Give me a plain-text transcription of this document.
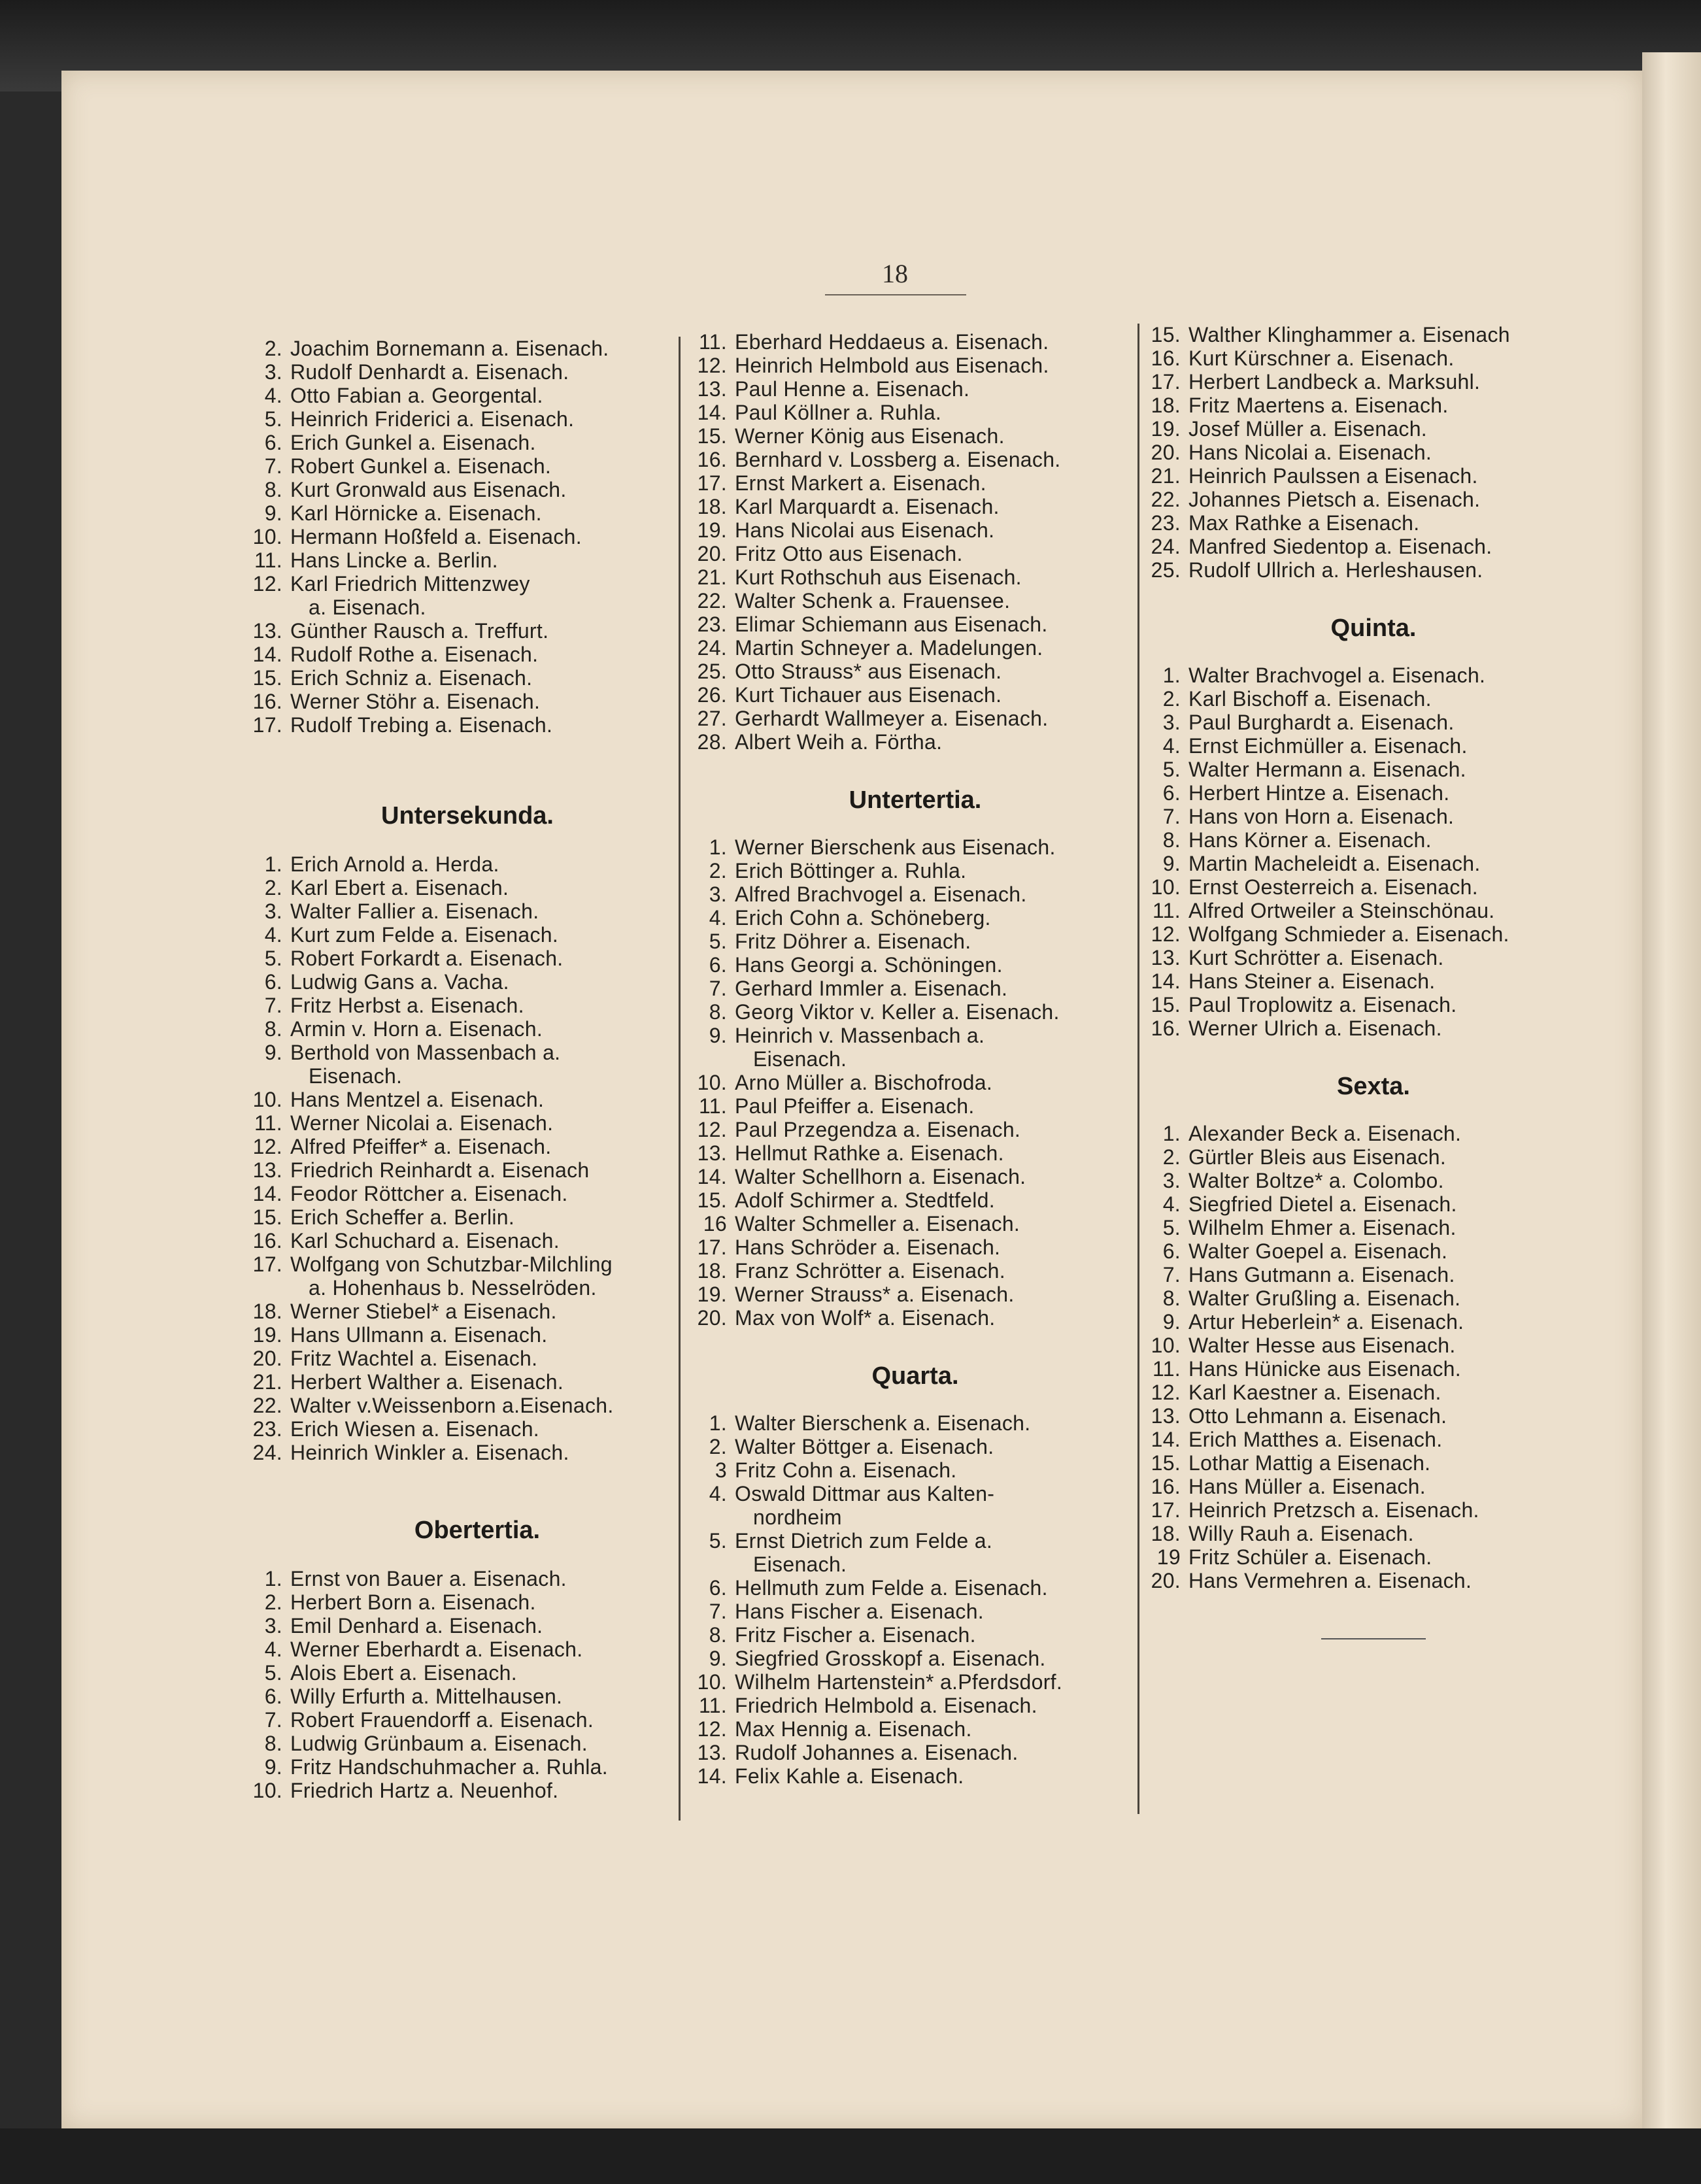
18
2. Joachim Bornemann a. Eisenach.
3. Rudolf Denhardt a. Eisenach.
4. Otto Fabian a. Georgental.
5. Heinrich Friderici a. Eisenach.
6. Erich Gunkel a. Eisenach.
7. Robert Gunkel a. Eisenach.
8. Kurt Gronwald aus Eisenach.
9. Karl Hörnicke a. Eisenach.
10. Hermann Hoßfeld a. Eisenach.
11. Hans Lincke a. Berlin.
12. Karl Friedrich Mittenzwey
a. Eisenach.
13. Günther Rausch a. Treffurt.
14. Rudolf Rothe a. Eisenach.
15. Erich Schniz a. Eisenach.
16. Werner Stöhr a. Eisenach.
17. Rudolf Trebing a. Eisenach.
Untersekunda.
1. Erich Arnold a. Herda.
2. Karl Ebert a. Eisenach.
3. Walter Fallier a. Eisenach.
4. Kurt zum Felde a. Eisenach.
5. Robert Forkardt a. Eisenach.
6. Ludwig Gans a. Vacha.
7. Fritz Herbst a. Eisenach.
8. Armin v. Horn a. Eisenach.
9. Berthold von Massenbach a.
Eisenach.
10. Hans Mentzel a. Eisenach.
11. Werner Nicolai a. Eisenach.
12. Alfred Pfeiffer* a. Eisenach.
13. Friedrich Reinhardt a. Eisenach
14. Feodor Röttcher a. Eisenach.
15. Erich Scheffer a. Berlin.
16. Karl Schuchard a. Eisenach.
17. Wolfgang von Schutzbar-Milchling
a. Hohenhaus b. Nesselröden.
18. Werner Stiebel* a Eisenach.
19. Hans Ullmann a. Eisenach.
20. Fritz Wachtel a. Eisenach.
21. Herbert Walther a. Eisenach.
22. Walter v.Weissenborn a.Eisenach.
23. Erich Wiesen a. Eisenach.
24. Heinrich Winkler a. Eisenach.
Obertertia.
1. Ernst von Bauer a. Eisenach.
2. Herbert Born a. Eisenach.
3. Emil Denhard a. Eisenach.
4. Werner Eberhardt a. Eisenach.
5. Alois Ebert a. Eisenach.
6. Willy Erfurth a. Mittelhausen.
7. Robert Frauendorff a. Eisenach.
8. Ludwig Grünbaum a. Eisenach.
9. Fritz Handschuhmacher a. Ruhla.
10. Friedrich Hartz a. Neuenhof.
11. Eberhard Heddaeus a. Eisenach.
12. Heinrich Helmbold aus Eisenach.
13. Paul Henne a. Eisenach.
14. Paul Köllner a. Ruhla.
15. Werner König aus Eisenach.
16. Bernhard v. Lossberg a. Eisenach.
17. Ernst Markert a. Eisenach.
18. Karl Marquardt a. Eisenach.
19. Hans Nicolai aus Eisenach.
20. Fritz Otto aus Eisenach.
21. Kurt Rothschuh aus Eisenach.
22. Walter Schenk a. Frauensee.
23. Elimar Schiemann aus Eisenach.
24. Martin Schneyer a. Madelungen.
25. Otto Strauss* aus Eisenach.
26. Kurt Tichauer aus Eisenach.
27. Gerhardt Wallmeyer a. Eisenach.
28. Albert Weih a. Förtha.
Untertertia.
1. Werner Bierschenk aus Eisenach.
2. Erich Böttinger a. Ruhla.
3. Alfred Brachvogel a. Eisenach.
4. Erich Cohn a. Schöneberg.
5. Fritz Döhrer a. Eisenach.
6. Hans Georgi a. Schöningen.
7. Gerhard Immler a. Eisenach.
8. Georg Viktor v. Keller a. Eisenach.
9. Heinrich v. Massenbach a.
Eisenach.
10. Arno Müller a. Bischofroda.
11. Paul Pfeiffer a. Eisenach.
12. Paul Przegendza a. Eisenach.
13. Hellmut Rathke a. Eisenach.
14. Walter Schellhorn a. Eisenach.
15. Adolf Schirmer a. Stedtfeld.
16 Walter Schmeller a. Eisenach.
17. Hans Schröder a. Eisenach.
18. Franz Schrötter a. Eisenach.
19. Werner Strauss* a. Eisenach.
20. Max von Wolf* a. Eisenach.
Quarta.
1. Walter Bierschenk a. Eisenach.
2. Walter Böttger a. Eisenach.
3 Fritz Cohn a. Eisenach.
4. Oswald Dittmar aus Kalten-
nordheim
5. Ernst Dietrich zum Felde a.
Eisenach.
6. Hellmuth zum Felde a. Eisenach.
7. Hans Fischer a. Eisenach.
8. Fritz Fischer a. Eisenach.
9. Siegfried Grosskopf a. Eisenach.
10. Wilhelm Hartenstein* a.Pferdsdorf.
11. Friedrich Helmbold a. Eisenach.
12. Max Hennig a. Eisenach.
13. Rudolf Johannes a. Eisenach.
14. Felix Kahle a. Eisenach.
15. Walther Klinghammer a. Eisenach
16. Kurt Kürschner a. Eisenach.
17. Herbert Landbeck a. Marksuhl.
18. Fritz Maertens a. Eisenach.
19. Josef Müller a. Eisenach.
20. Hans Nicolai a. Eisenach.
21. Heinrich Paulssen a Eisenach.
22. Johannes Pietsch a. Eisenach.
23. Max Rathke a Eisenach.
24. Manfred Siedentop a. Eisenach.
25. Rudolf Ullrich a. Herleshausen.
Quinta.
1. Walter Brachvogel a. Eisenach.
2. Karl Bischoff a. Eisenach.
3. Paul Burghardt a. Eisenach.
4. Ernst Eichmüller a. Eisenach.
5. Walter Hermann a. Eisenach.
6. Herbert Hintze a. Eisenach.
7. Hans von Horn a. Eisenach.
8. Hans Körner a. Eisenach.
9. Martin Macheleidt a. Eisenach.
10. Ernst Oesterreich a. Eisenach.
11. Alfred Ortweiler a Steinschönau.
12. Wolfgang Schmieder a. Eisenach.
13. Kurt Schrötter a. Eisenach.
14. Hans Steiner a. Eisenach.
15. Paul Troplowitz a. Eisenach.
16. Werner Ulrich a. Eisenach.
Sexta.
1. Alexander Beck a. Eisenach.
2. Gürtler Bleis aus Eisenach.
3. Walter Boltze* a. Colombo.
4. Siegfried Dietel a. Eisenach.
5. Wilhelm Ehmer a. Eisenach.
6. Walter Goepel a. Eisenach.
7. Hans Gutmann a. Eisenach.
8. Walter Grußling a. Eisenach.
9. Artur Heberlein* a. Eisenach.
10. Walter Hesse aus Eisenach.
11. Hans Hünicke aus Eisenach.
12. Karl Kaestner a. Eisenach.
13. Otto Lehmann a. Eisenach.
14. Erich Matthes a. Eisenach.
15. Lothar Mattig a Eisenach.
16. Hans Müller a. Eisenach.
17. Heinrich Pretzsch a. Eisenach.
18. Willy Rauh a. Eisenach.
19 Fritz Schüler a. Eisenach.
20. Hans Vermehren a. Eisenach.
